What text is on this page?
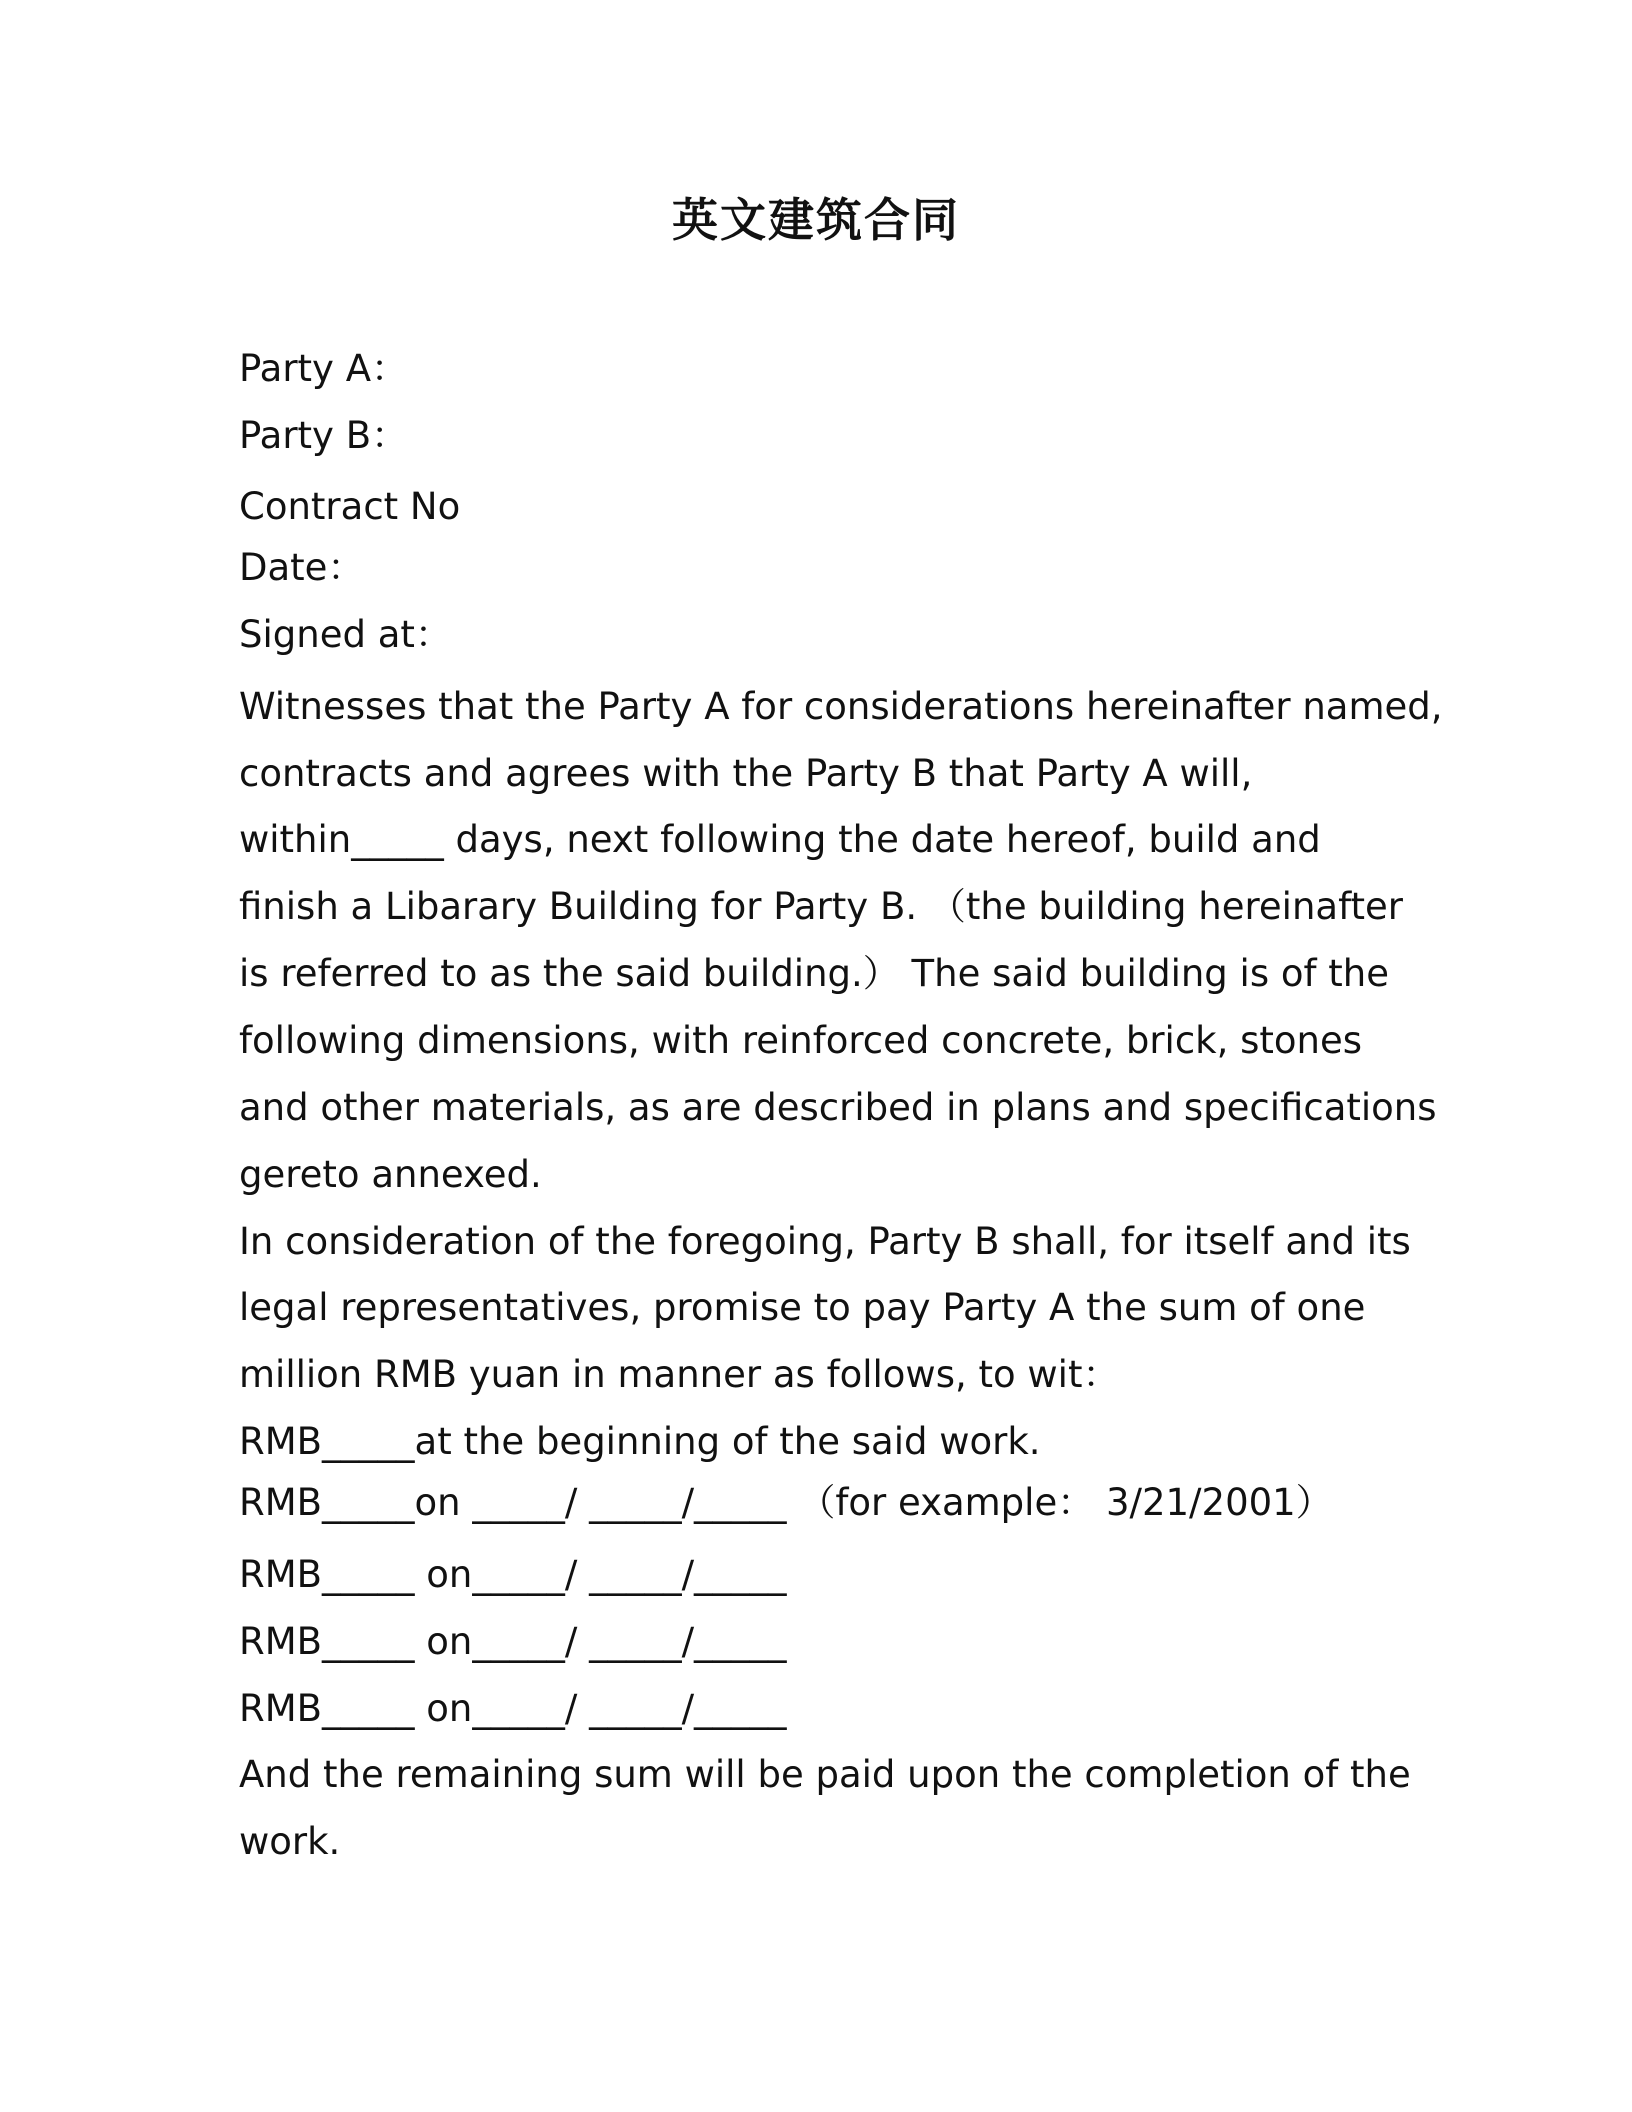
英文建筑合同
Party A：
Party B：
Contract No
Date：
Signed at：
Witnesses that the Party A for considerations hereinafter named,
contracts and agrees with the Party B that Party A will,
within_____ days, next following the date hereof, build and
finish a Libarary Building for Party B. （the building hereinafter
is referred to as the said building.） The said building is of the
following dimensions, with reinforced concrete, brick, stones
and other materials, as are described in plans and specifications
gereto annexed.
In consideration of the foregoing, Party B shall, for itself and its
legal representatives, promise to pay Party A the sum of one
million RMB yuan in manner as follows, to wit：
RMB_____at the beginning of the said work.
RMB_____on _____/ _____/_____ （for example： 3/21/2001）
RMB_____ on_____/ _____/_____
RMB_____ on_____/ _____/_____
RMB_____ on_____/ _____/_____
And the remaining sum will be paid upon the completion of the
work.
